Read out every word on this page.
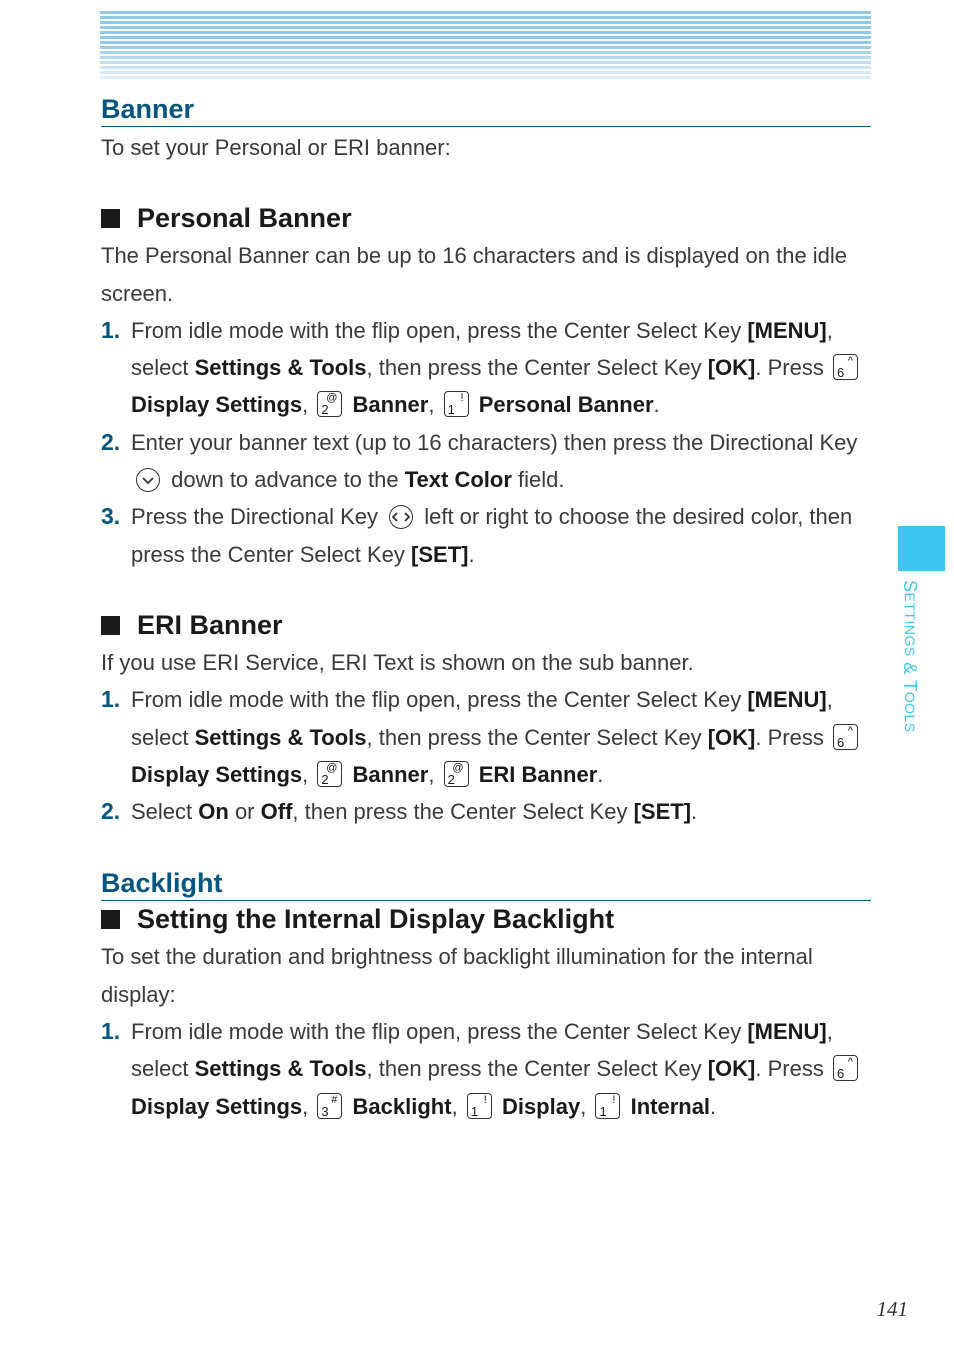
SETTINGS & TOOLS
Banner

To set your Personal or ERI banner:

Personal Banner

The Personal Banner can be up to 16 characters and is displayed on the idle screen.

1. From idle mode with the flip open, press the Center Select Key [MENU], select Settings & Tools, then press the Center Select Key [OK]. Press 6
^
Display Settings, 2
@ Banner, 1
! Personal Banner.
2. Enter your banner text (up to 16 characters) then press the Directional Key
down to advance to the Text Color field.
3. Press the Directional Key
left or right to choose the desired color, then press the Center Select Key [SET].
ERI Banner

If you use ERI Service, ERI Text is shown on the sub banner.

1. From idle mode with the flip open, press the Center Select Key [MENU], select Settings & Tools, then press the Center Select Key [OK]. Press 6
^
Display Settings, 2
@ Banner, 2
@ ERI Banner.
2. Select On or Off, then press the Center Select Key [SET].
Backlight
Setting the Internal Display Backlight

To set the duration and brightness of backlight illumination for the internal display:

1. From idle mode with the flip open, press the Center Select Key [MENU], select Settings & Tools, then press the Center Select Key [OK]. Press 6
^
Display Settings, 3
# Backlight, 1
! Display, 1
! Internal.
141
